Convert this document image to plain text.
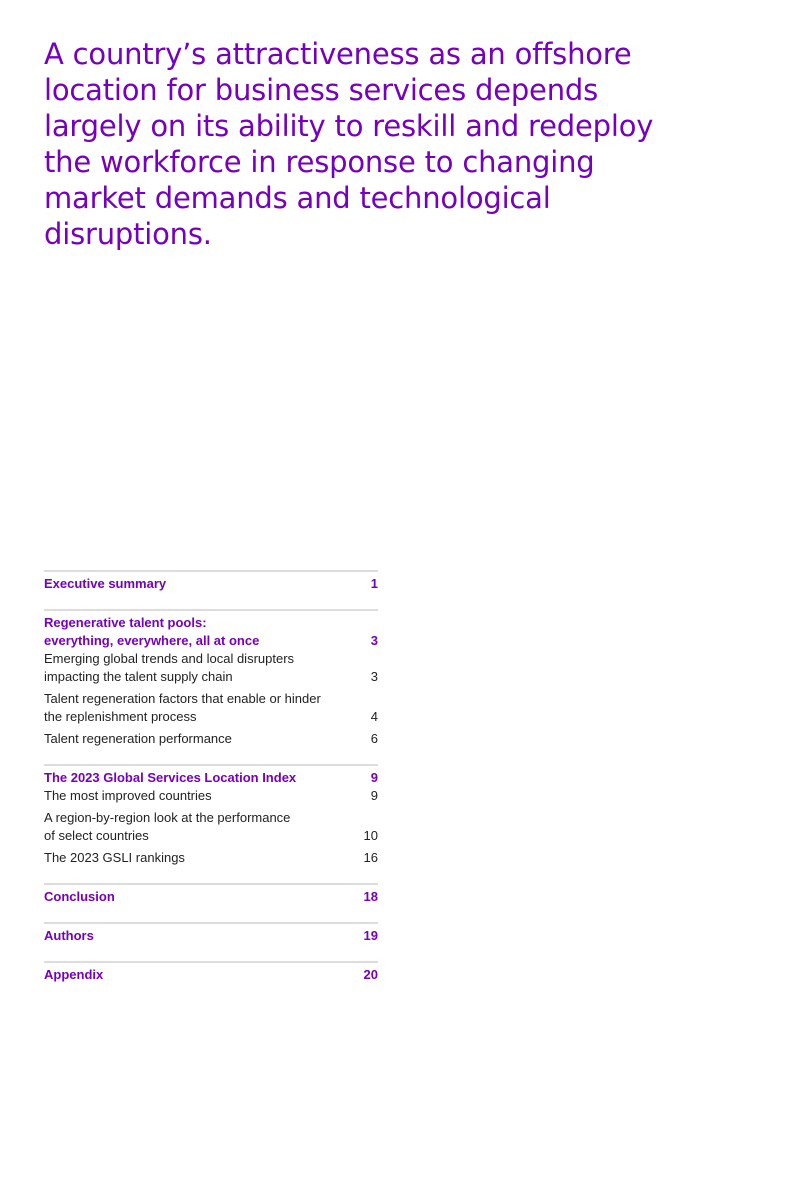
A country’s attractiveness as an offshore location for business services depends largely on its ability to reskill and redeploy the workforce in response to changing market demands and technological disruptions.
Executive summary	1
Regenerative talent pools:
everything, everywhere, all at once	3
Emerging global trends and local disrupters
impacting the talent supply chain	3
Talent regeneration factors that enable or hinder
the replenishment process	4
Talent regeneration performance	6
The 2023 Global Services Location Index	9
The most improved countries	9
A region-by-region look at the performance
of select countries	10
The 2023 GSLI rankings	16
Conclusion	18
Authors	19
Appendix	20
